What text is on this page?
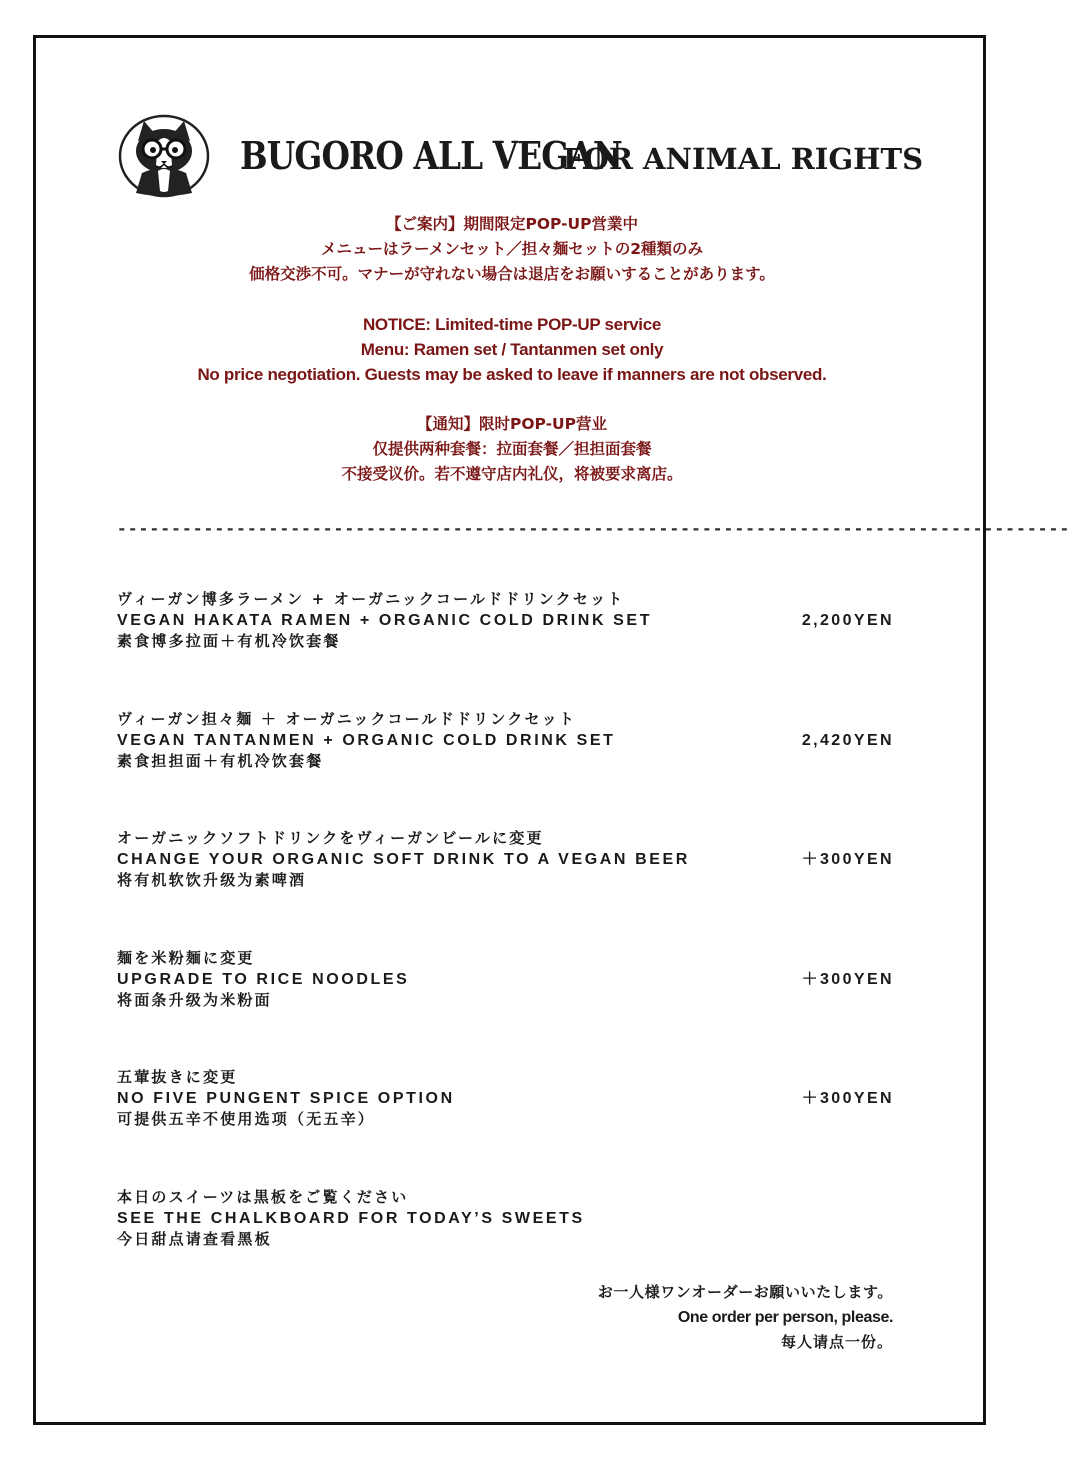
BUGORO ALL VEGAN
FOR ANIMAL RIGHTS
【ご案内】期間限定POP-UP営業中
メニューはラーメンセット／担々麺セットの2種類のみ
価格交渉不可。マナーが守れない場合は退店をお願いすることがあります。
NOTICE: Limited-time POP-UP service
Menu: Ramen set / Tantanmen set only
No price negotiation. Guests may be asked to leave if manners are not observed.
【通知】限时POP-UP营业
仅提供两种套餐：拉面套餐／担担面套餐
不接受议价。若不遵守店内礼仪，将被要求离店。
----------------------------------------------------------------------------------------
ヴィーガン博多ラーメン + オーガニックコールドドリンクセット
VEGAN HAKATA RAMEN + ORGANIC COLD DRINK SET
素食博多拉面＋有机冷饮套餐
2,200YEN
ヴィーガン担々麺 ＋ オーガニックコールドドリンクセット
VEGAN TANTANMEN + ORGANIC COLD DRINK SET
素食担担面＋有机冷饮套餐
2,420YEN
オーガニックソフトドリンクをヴィーガンビールに変更
CHANGE YOUR ORGANIC SOFT DRINK TO A VEGAN BEER
将有机软饮升级为素啤酒
＋300YEN
麺を米粉麺に変更
UPGRADE TO RICE NOODLES
将面条升级为米粉面
＋300YEN
五葷抜きに変更
NO FIVE PUNGENT SPICE OPTION
可提供五辛不使用选项（无五辛）
＋300YEN
本日のスイーツは黒板をご覧ください
SEE THE CHALKBOARD FOR TODAY’S SWEETS
今日甜点请查看黑板
お一人様ワンオーダーお願いいたします。
One order per person, please.
每人请点一份。
